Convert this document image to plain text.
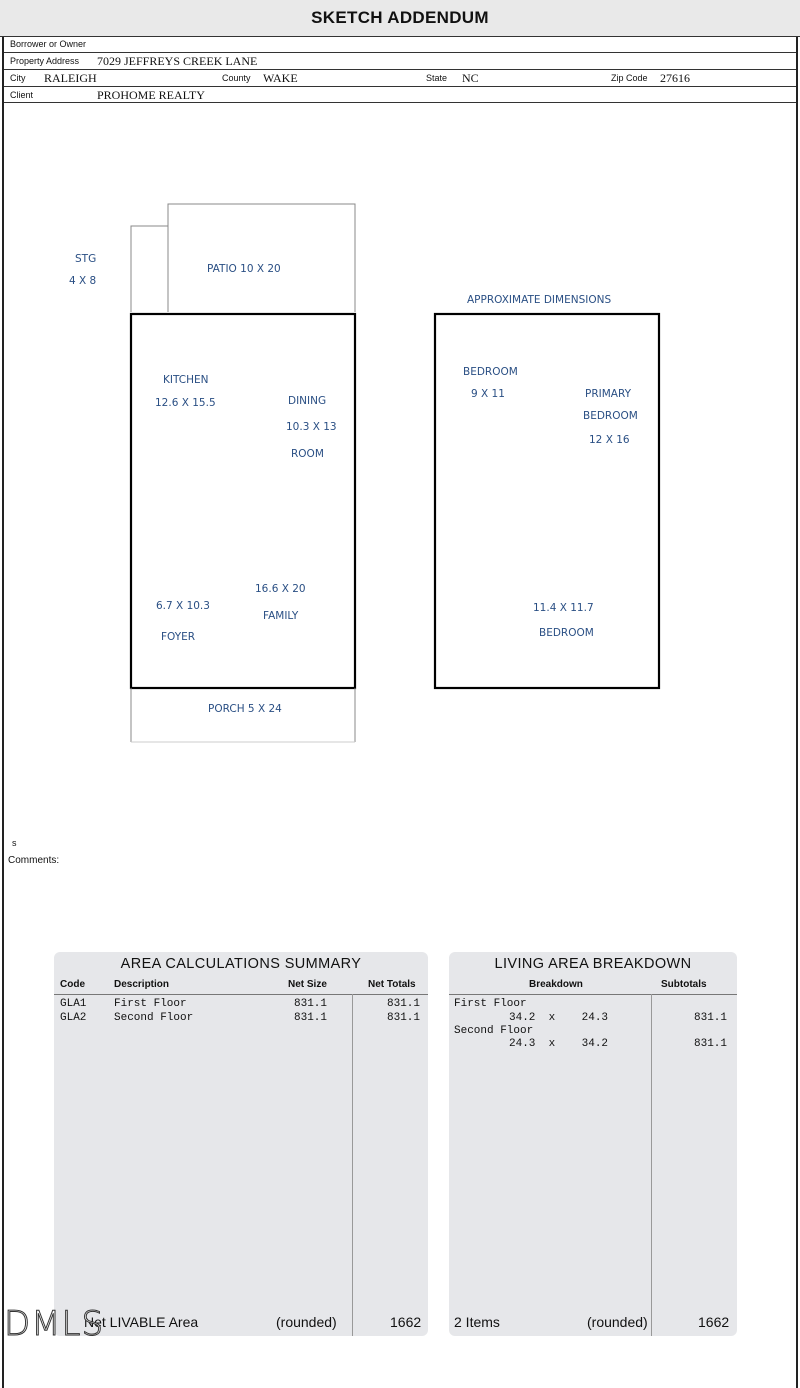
SKETCH ADDENDUM
Borrower or Owner
Property Address 7029 JEFFREYS CREEK LANE
City RALEIGH	County WAKE	State NC	Zip Code 27616
Client	PROHOME REALTY
STG
4 X 8
PATIO 10 X 20
APPROXIMATE DIMENSIONS
KITCHEN
12.6 X 15.5	DINING
10.3 X 13
ROOM
16.6 X 20
FAMILY
6.7 X 10.3
FOYER
PORCH 5 X 24
BEDROOM
9 X 11	PRIMARY
BEDROOM
12 X 16
11.4 X 11.7
BEDROOM
s
Comments:
AREA CALCULATIONS SUMMARY
Code	Description	Net Size	Net Totals
GLA1	First Floor	831.1	831.1
GLA2	Second Floor	831.1	831.1
Net LIVABLE Area	(rounded)	1662
LIVING AREA BREAKDOWN
Breakdown	Subtotals
First Floor
34.2  x    24.3	831.1
Second Floor
24.3  x    34.2	831.1
2 Items	(rounded)	1662
DMLS
